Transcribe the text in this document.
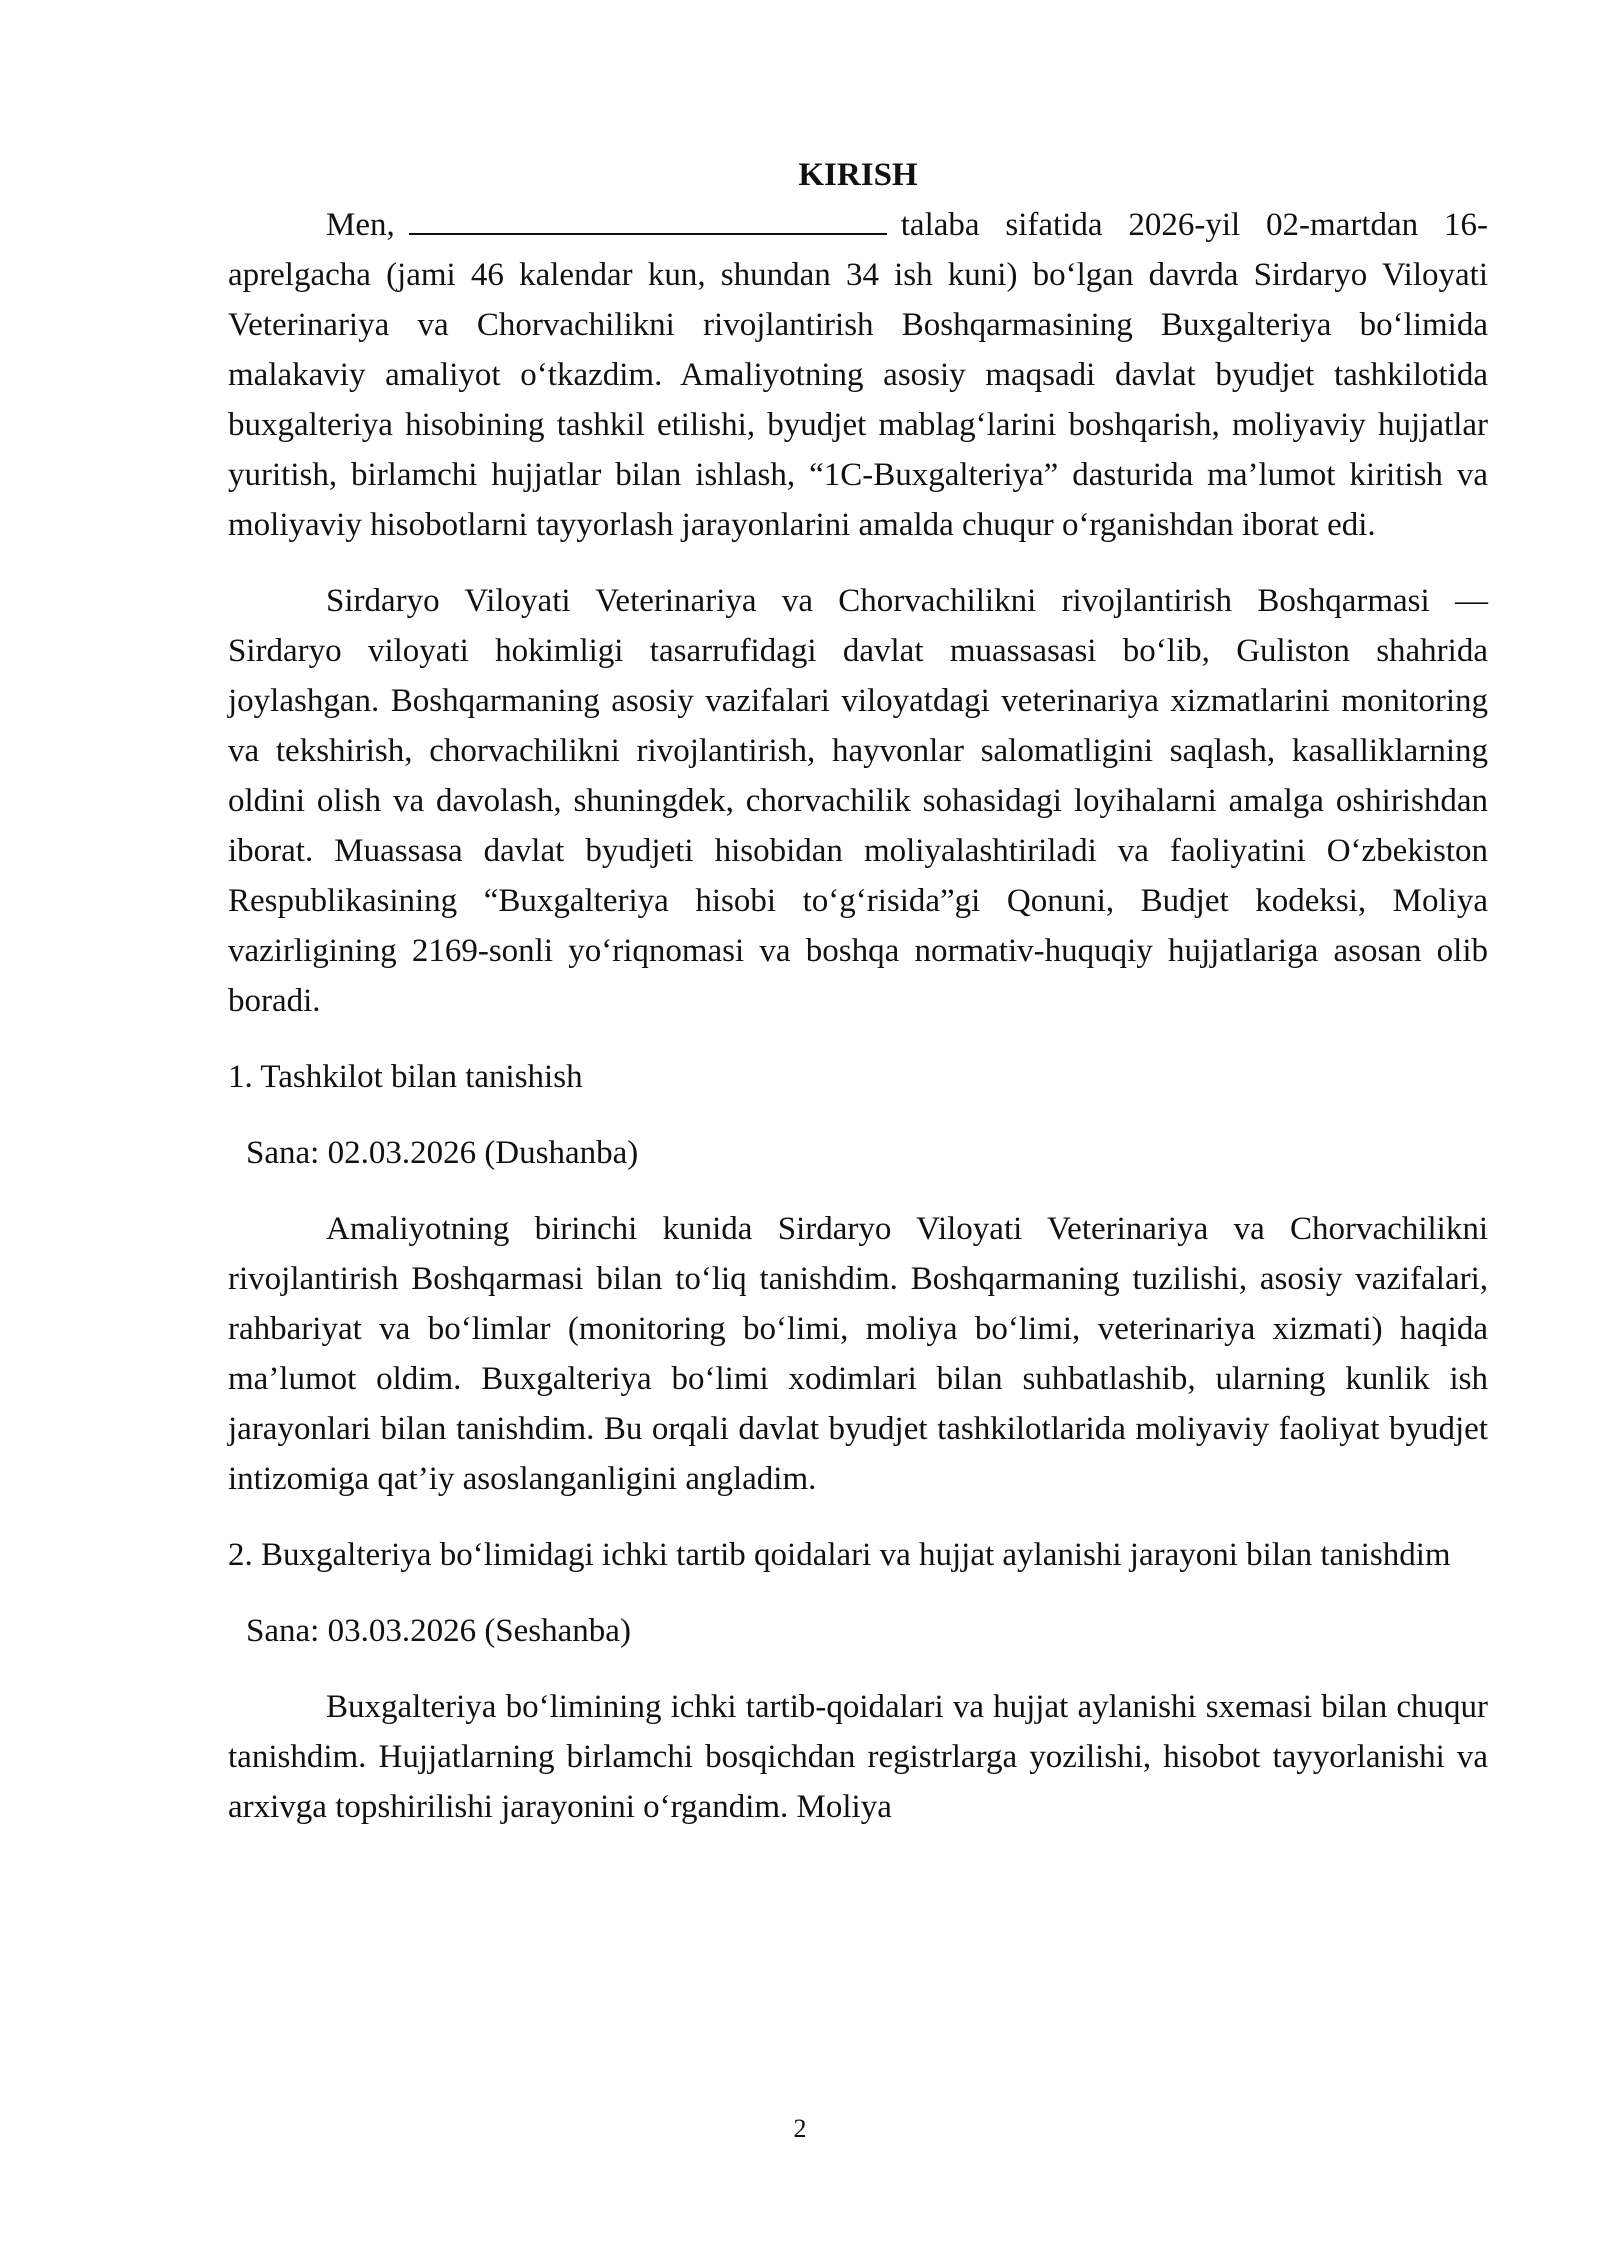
KIRISH

Men,	talaba sifatida 2026-yil 02-martdan 16-aprelgacha (jami 46 kalendar kun, shundan 34 ish kuni) bo‘lgan davrda Sirdaryo Viloyati Veterinariya va Chorvachilikni rivojlantirish Boshqarmasining Buxgalteriya bo‘limida malakaviy amaliyot o‘tkazdim. Amaliyotning asosiy maqsadi davlat byudjet tashkilotida buxgalteriya hisobining tashkil etilishi, byudjet mablag‘larini boshqarish, moliyaviy hujjatlar yuritish, birlamchi hujjatlar bilan ishlash, “1C-Buxgalteriya” dasturida ma’lumot kiritish va moliyaviy hisobotlarni tayyorlash jarayonlarini amalda chuqur o‘rganishdan iborat edi.

Sirdaryo Viloyati Veterinariya va Chorvachilikni rivojlantirish Boshqarmasi — Sirdaryo viloyati hokimligi tasarrufidagi davlat muassasasi bo‘lib, Guliston shahrida joylashgan. Boshqarmaning asosiy vazifalari viloyatdagi veterinariya xizmatlarini monitoring va tekshirish, chorvachilikni rivojlantirish, hayvonlar salomatligini saqlash, kasalliklarning oldini olish va davolash, shuningdek, chorvachilik sohasidagi loyihalarni amalga oshirishdan iborat. Muassasa davlat byudjeti hisobidan moliyalashtiriladi va faoliyatini O‘zbekiston Respublikasining “Buxgalteriya hisobi to‘g‘risida”gi Qonuni, Budjet kodeksi, Moliya vazirligining 2169-sonli yo‘riqnomasi va boshqa normativ-huquqiy hujjatlariga asosan olib boradi.

1. Tashkilot bilan tanishish

Sana: 02.03.2026 (Dushanba)

Amaliyotning birinchi kunida Sirdaryo Viloyati Veterinariya va Chorvachilikni rivojlantirish Boshqarmasi bilan to‘liq tanishdim. Boshqarmaning tuzilishi, asosiy vazifalari, rahbariyat va bo‘limlar (monitoring bo‘limi, moliya bo‘limi, veterinariya xizmati) haqida ma’lumot oldim. Buxgalteriya bo‘limi xodimlari bilan suhbatlashib, ularning kunlik ish jarayonlari bilan tanishdim. Bu orqali davlat byudjet tashkilotlarida moliyaviy faoliyat byudjet intizomiga qat’iy asoslanganligini angladim.

2. Buxgalteriya bo‘limidagi ichki tartib qoidalari va hujjat aylanishi jarayoni bilan tanishdim

Sana: 03.03.2026 (Seshanba)

Buxgalteriya bo‘limining ichki tartib-qoidalari va hujjat aylanishi sxemasi bilan chuqur tanishdim. Hujjatlarning birlamchi bosqichdan registrlarga yozilishi, hisobot tayyorlanishi va arxivga topshirilishi jarayonini o‘rgandim. Moliya

2
